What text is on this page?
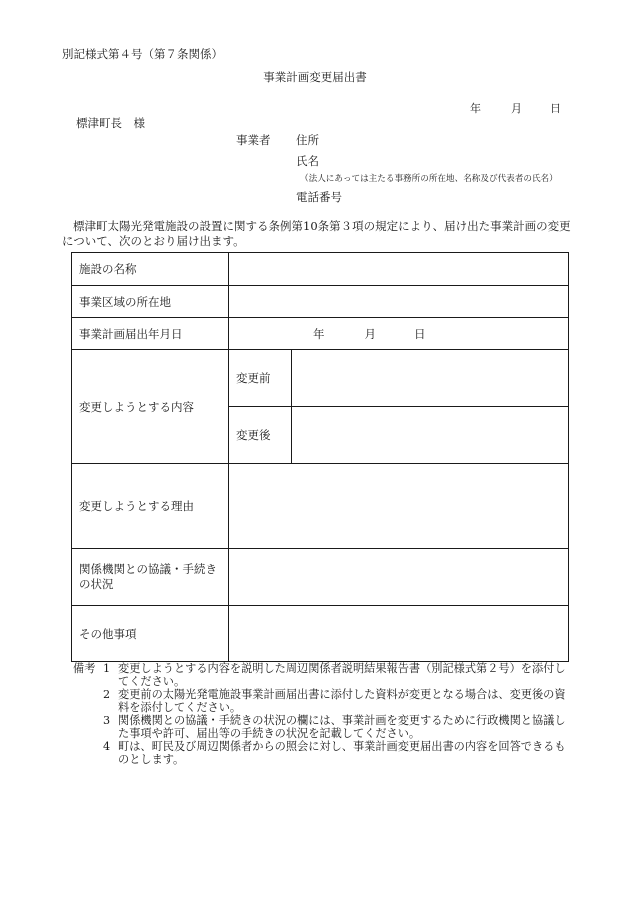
別記様式第４号（第７条関係）
事業計画変更届出書
年	月	日
標津町長　様
事業者 住所
氏名
（法人にあっては主たる事務所の所在地、名称及び代表者の氏名）
電話番号
標津町太陽光発電施設の設置に関する条例第10条第３項の規定により、届け出た事業計画の変更について、次のとおり届け出ます。
施設の名称		
事業区域の所在地		
事業計画届出年月日	年 月 日	

変更しようとする内容	変更前	
	変更後	
変更しようとする理由		
関係機関との協議・手続きの状況		
その他事項		
備考 1 変更しようとする内容を説明した周辺関係者説明結果報告書（別記様式第２号）を添付してください。
2 変更前の太陽光発電施設事業計画届出書に添付した資料が変更となる場合は、変更後の資料を添付してください。
3 関係機関との協議・手続きの状況の欄には、事業計画を変更するために行政機関と協議した事項や許可、届出等の手続きの状況を記載してください。
4 町は、町民及び周辺関係者からの照会に対し、事業計画変更届出書の内容を回答できるものとします。
